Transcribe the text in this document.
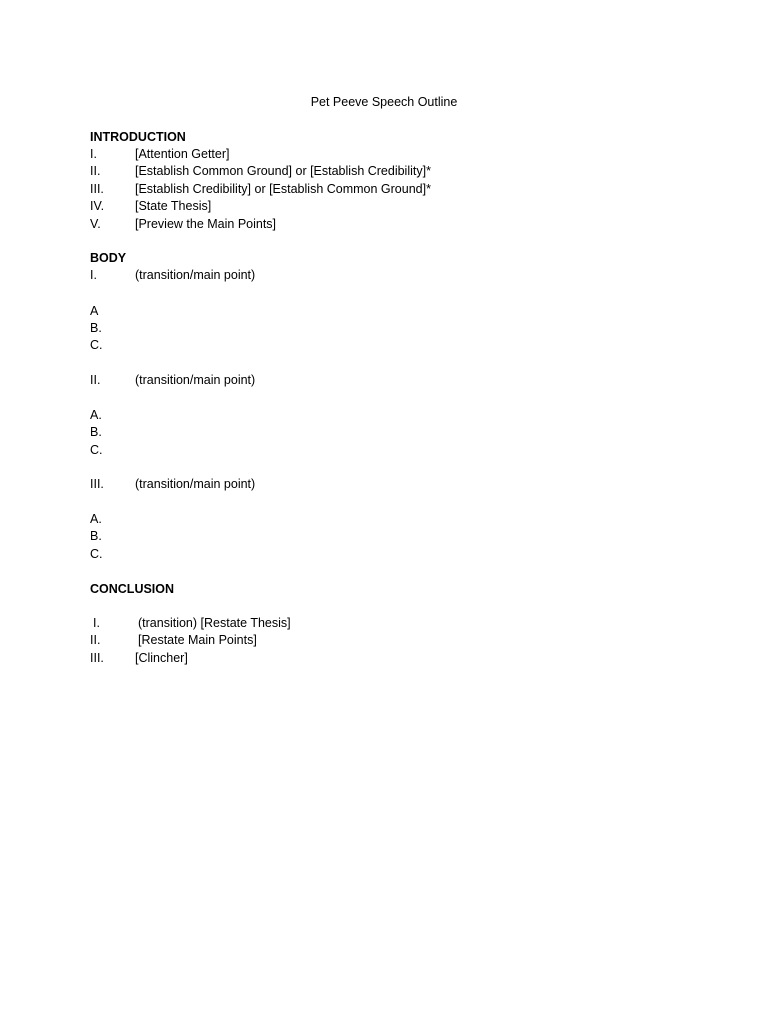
Pet Peeve Speech Outline
INTRODUCTION
I.	[Attention Getter]
II.	[Establish Common Ground] or [Establish Credibility]*
III. [Establish Credibility] or [Establish Common Ground]*
IV. [State Thesis]
V.	[Preview the Main Points]
BODY
I.	(transition/main point)
A
B.
C.
II.	(transition/main point)
A.
B.
C.
III. (transition/main point)
A.
B.
C.
CONCLUSION
I.	(transition) [Restate Thesis]
II.	[Restate Main Points]
III. [Clincher]
